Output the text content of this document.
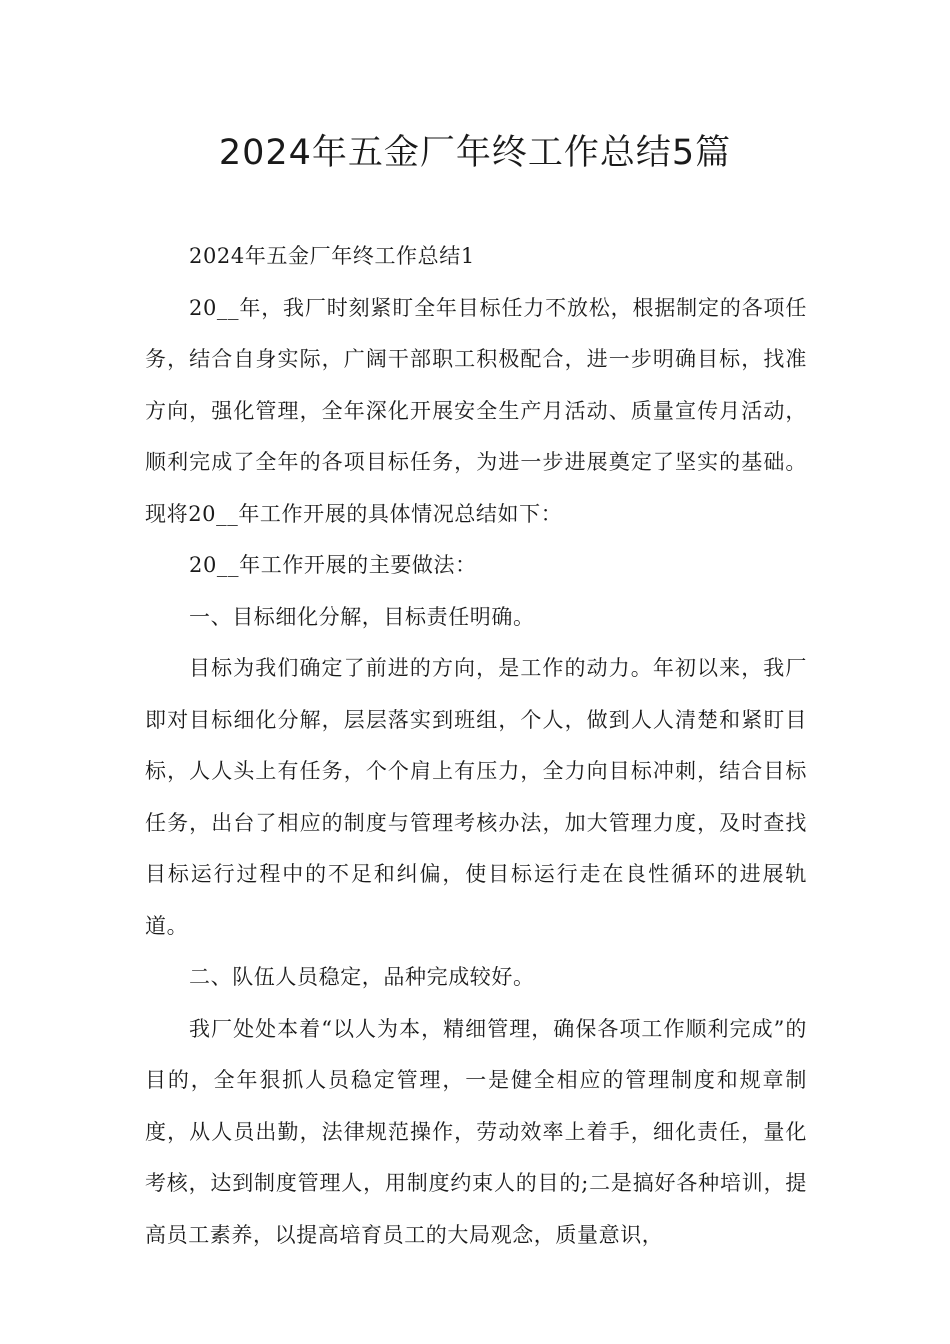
2024年五金厂年终工作总结5篇

2024年五金厂年终工作总结1

20__年，我厂时刻紧盯全年目标任力不放松，根据制定的各项任务，结合自身实际，广阔干部职工积极配合，进一步明确目标，找准方向，强化管理，全年深化开展安全生产月活动、质量宣传月活动，顺利完成了全年的各项目标任务，为进一步进展奠定了坚实的基础。现将20__年工作开展的具体情况总结如下：

20__年工作开展的主要做法：

一、目标细化分解，目标责任明确。

目标为我们确定了前进的方向，是工作的动力。年初以来，我厂即对目标细化分解，层层落实到班组，个人，做到人人清楚和紧盯目标，人人头上有任务，个个肩上有压力，全力向目标冲刺，结合目标任务，出台了相应的制度与管理考核办法，加大管理力度，及时查找目标运行过程中的不足和纠偏，使目标运行走在良性循环的进展轨道。

二、队伍人员稳定，品种完成较好。

我厂处处本着“以人为本，精细管理，确保各项工作顺利完成”的目的，全年狠抓人员稳定管理，一是健全相应的管理制度和规章制度，从人员出勤，法律规范操作，劳动效率上着手，细化责任，量化考核，达到制度管理人，用制度约束人的目的;二是搞好各种培训，提高员工素养，以提高培育员工的大局观念，质量意识，
